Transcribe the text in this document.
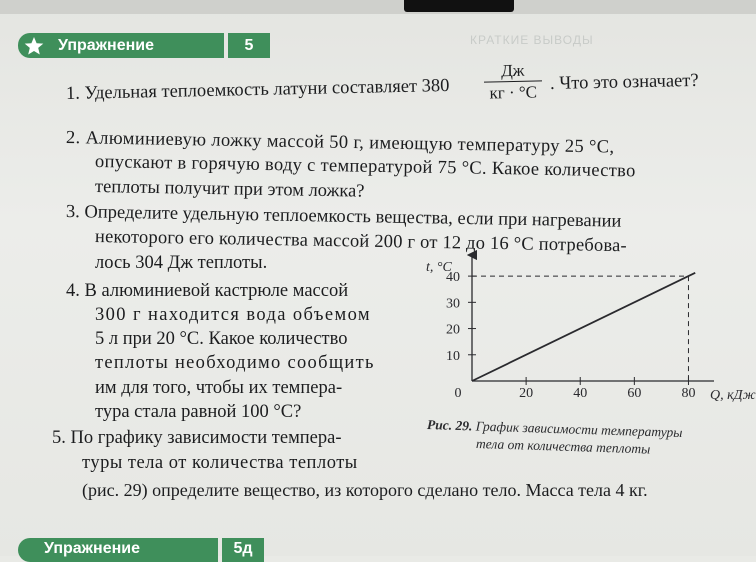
Упражнение	5	КРАТКИЕ ВЫВОДЫ
1. Удельная теплоемкость латуни составляет 380
Дж
кг · °С . Что это означает?
2. Алюминиевую ложку массой 50 г, имеющую температуру 25 °С,
опускают в горячую воду с температурой 75 °С. Какое количество
теплоты получит при этом ложка?
3. Определите удельную теплоемкость вещества, если при нагревании
некоторого его количества массой 200 г от 12 до 16 °С потребова-
лось 304 Дж теплоты.
4. В алюминиевой кастрюле массой
300 г находится вода объемом
5 л при 20 °С. Какое количество
теплоты необходимо сообщить
им для того, чтобы их темпера-
тура стала равной 100 °С?
5. По графику зависимости темпера-
туры тела от количества теплоты
(рис. 29) определите вещество, из которого сделано тело. Масса тела 4 кг.
0	20	40	60	80
10
20
30
40
t, °С
Q, кДж
Рис. 29. График зависимости температуры
тела от количества теплоты
Упражнение	5д
